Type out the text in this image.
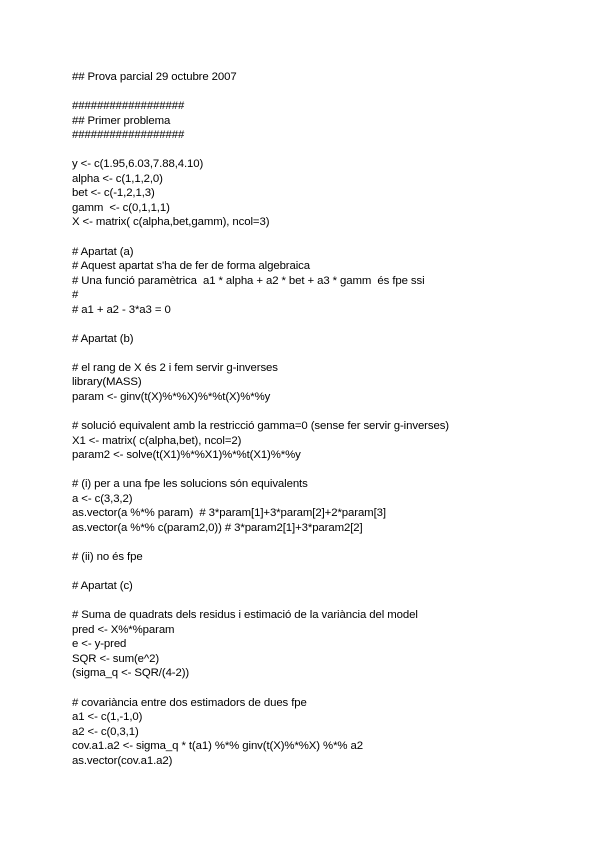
## Prova parcial 29 octubre 2007
##################
## Primer problema
##################
y <- c(1.95,6.03,7.88,4.10)
alpha <- c(1,1,2,0)
bet <- c(-1,2,1,3)
gamm  <- c(0,1,1,1)
X <- matrix( c(alpha,bet,gamm), ncol=3)
# Apartat (a)
# Aquest apartat s'ha de fer de forma algebraica
# Una funció paramètrica  a1 * alpha + a2 * bet + a3 * gamm  és fpe ssi
#
# a1 + a2 - 3*a3 = 0
# Apartat (b)
# el rang de X és 2 i fem servir g-inverses
library(MASS)
param <- ginv(t(X)%*%X)%*%t(X)%*%y
# solució equivalent amb la restricció gamma=0 (sense fer servir g-inverses)
X1 <- matrix( c(alpha,bet), ncol=2)
param2 <- solve(t(X1)%*%X1)%*%t(X1)%*%y
# (i) per a una fpe les solucions són equivalents
a <- c(3,3,2)
as.vector(a %*% param)  # 3*param[1]+3*param[2]+2*param[3]
as.vector(a %*% c(param2,0)) # 3*param2[1]+3*param2[2]
# (ii) no és fpe
# Apartat (c)
# Suma de quadrats dels residus i estimació de la variància del model
pred <- X%*%param
e <- y-pred
SQR <- sum(e^2)
(sigma_q <- SQR/(4-2))
# covariància entre dos estimadors de dues fpe
a1 <- c(1,-1,0)
a2 <- c(0,3,1)
cov.a1.a2 <- sigma_q * t(a1) %*% ginv(t(X)%*%X) %*% a2
as.vector(cov.a1.a2)
